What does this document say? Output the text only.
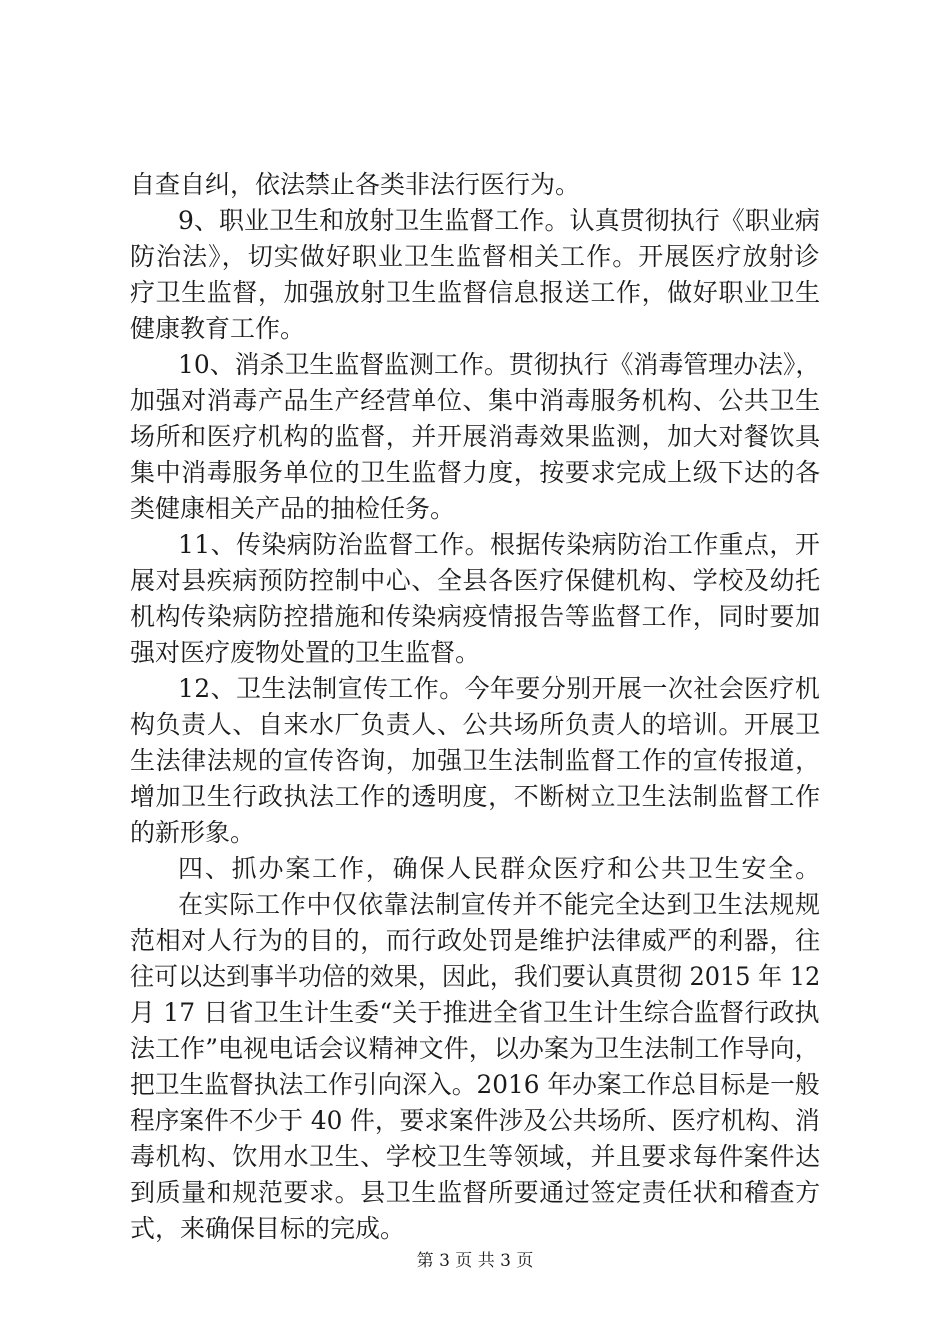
自查自纠，依法禁止各类非法行医行为。
9、职业卫生和放射卫生监督工作。认真贯彻执行《职业病
防治法》，切实做好职业卫生监督相关工作。开展医疗放射诊
疗卫生监督，加强放射卫生监督信息报送工作，做好职业卫生
健康教育工作。
10、消杀卫生监督监测工作。贯彻执行《消毒管理办法》，
加强对消毒产品生产经营单位、集中消毒服务机构、公共卫生
场所和医疗机构的监督，并开展消毒效果监测，加大对餐饮具
集中消毒服务单位的卫生监督力度，按要求完成上级下达的各
类健康相关产品的抽检任务。
11、传染病防治监督工作。根据传染病防治工作重点，开
展对县疾病预防控制中心、全县各医疗保健机构、学校及幼托
机构传染病防控措施和传染病疫情报告等监督工作，同时要加
强对医疗废物处置的卫生监督。
12、卫生法制宣传工作。今年要分别开展一次社会医疗机
构负责人、自来水厂负责人、公共场所负责人的培训。开展卫
生法律法规的宣传咨询，加强卫生法制监督工作的宣传报道，
增加卫生行政执法工作的透明度，不断树立卫生法制监督工作
的新形象。
四、抓办案工作，确保人民群众医疗和公共卫生安全。
在实际工作中仅依靠法制宣传并不能完全达到卫生法规规
范相对人行为的目的，而行政处罚是维护法律威严的利器，往
往可以达到事半功倍的效果，因此，我们要认真贯彻 2015 年 12
月 17 日省卫生计生委“关于推进全省卫生计生综合监督行政执
法工作”电视电话会议精神文件，以办案为卫生法制工作导向，
把卫生监督执法工作引向深入。2016 年办案工作总目标是一般
程序案件不少于 40 件，要求案件涉及公共场所、医疗机构、消
毒机构、饮用水卫生、学校卫生等领域，并且要求每件案件达
到质量和规范要求。县卫生监督所要通过签定责任状和稽查方
式，来确保目标的完成。
第 3 页 共 3 页
